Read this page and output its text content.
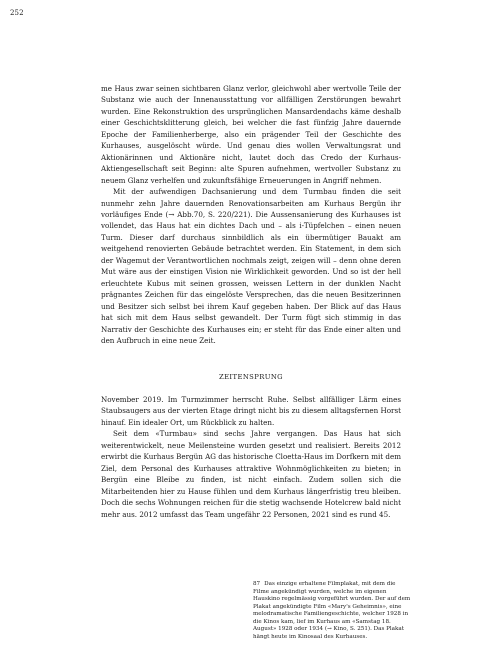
252

me Haus zwar seinen sichtbaren Glanz verlor, gleichwohl aber wertvolle Teile der Substanz wie auch der Innenausstattung vor allfälligen Zerstörungen bewahrt wurden. Eine Rekonstruktion des ursprünglichen Mansardendachs käme deshalb einer Geschichtsklitterung gleich, bei welcher die fast fünfzig Jahre dauernde Epoche der Familienherberge, also ein prägender Teil der Geschichte des Kurhauses, ausgelöscht würde. Und genau dies wollen Verwaltungsrat und Aktionärinnen und Aktionäre nicht, lautet doch das Credo der Kurhaus-Aktiengesellschaft seit Beginn: alte Spuren aufnehmen, wertvoller Substanz zu neuem Glanz verhelfen und zukunftsfähige Erneuerungen in Angriff nehmen.

Mit der aufwendigen Dachsanierung und dem Turmbau finden die seit nunmehr zehn Jahre dauernden Renovationsarbeiten am Kurhaus Bergün ihr vorläufiges Ende (→ Abb.70, S. 220/221). Die Aussensanierung des Kurhauses ist vollendet, das Haus hat ein dichtes Dach und – als i-Tüpfelchen – einen neuen Turm. Dieser darf durchaus sinnbildlich als ein übermütiger Bauakt am weitgehend renovierten Gebäude betrachtet werden. Ein Statement, in dem sich der Wagemut der Verantwortlichen nochmals zeigt, zeigen will – denn ohne deren Mut wäre aus der einstigen Vision nie Wirklichkeit geworden. Und so ist der hell erleuchtete Kubus mit seinen grossen, weissen Lettern in der dunklen Nacht prägnantes Zeichen für das eingelöste Versprechen, das die neuen Besitzerinnen und Besitzer sich selbst bei ihrem Kauf gegeben haben. Der Blick auf das Haus hat sich mit dem Haus selbst gewandelt. Der Turm fügt sich stimmig in das Narrativ der Geschichte des Kurhauses ein; er steht für das Ende einer alten und den Aufbruch in eine neue Zeit.

ZEITENSPRUNG

November 2019. Im Turmzimmer herrscht Ruhe. Selbst allfälliger Lärm eines Staubsaugers aus der vierten Etage dringt nicht bis zu diesem alltagsfernen Horst hinauf. Ein idealer Ort, um Rückblick zu halten.

Seit dem «Turmbau» sind sechs Jahre vergangen. Das Haus hat sich weiterentwickelt, neue Meilensteine wurden gesetzt und realisiert. Bereits 2012 erwirbt die Kurhaus Bergün AG das historische Cloetta-Haus im Dorfkern mit dem Ziel, dem Personal des Kurhauses attraktive Wohnmöglichkeiten zu bieten; in Bergün eine Bleibe zu finden, ist nicht einfach. Zudem sollen sich die Mitarbeitenden hier zu Hause fühlen und dem Kurhaus längerfristig treu bleiben. Doch die sechs Wohnungen reichen für die stetig wachsende Hotelcrew bald nicht mehr aus. 2012 umfasst das Team ungefähr 22 Personen, 2021 sind es rund 45.

87 Das einzige erhaltene Filmplakat, mit dem die Filme angekündigt wurden, welche im eigenen Hauskino regelmässig vorgeführt wurden. Der auf dem Plakat angekündigte Film «Mary's Geheimnis», eine melodramatische Familiengeschichte, welcher 1928 in die Kinos kam, lief im Kurhaus am «Samstag 18. August» 1928 oder 1934 (→ Kino, S. 251). Das Plakat hängt heute im Kinosaal des Kurhauses.
